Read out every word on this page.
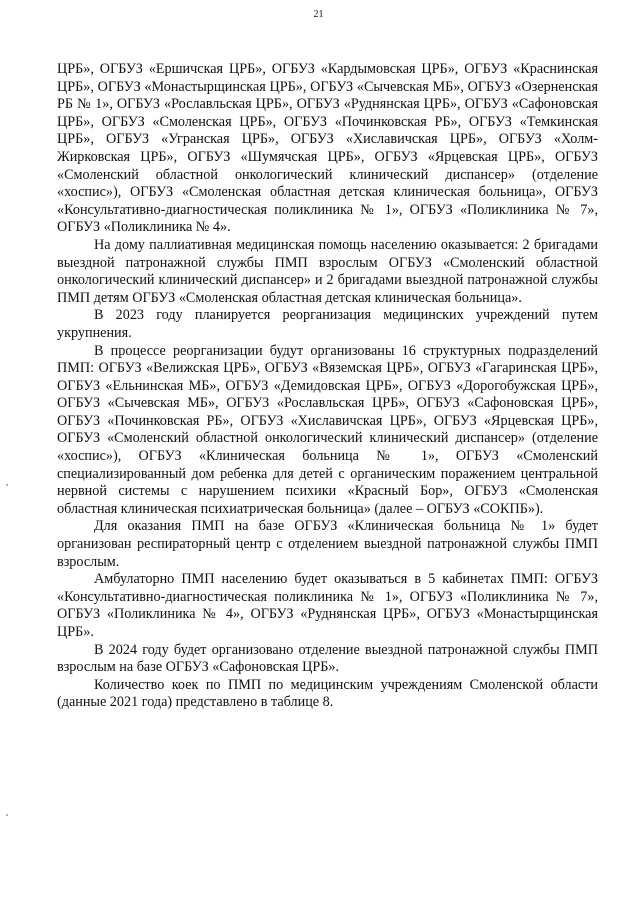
21

ЦРБ», ОГБУЗ «Ершичская ЦРБ», ОГБУЗ «Кардымовская ЦРБ», ОГБУЗ «Краснинская ЦРБ», ОГБУЗ «Монастырщинская ЦРБ», ОГБУЗ «Сычевская МБ», ОГБУЗ «Озерненская РБ № 1», ОГБУЗ «Рославльская ЦРБ», ОГБУЗ «Руднянская ЦРБ», ОГБУЗ «Сафоновская ЦРБ», ОГБУЗ «Смоленская ЦРБ», ОГБУЗ «Починковская РБ», ОГБУЗ «Темкинская ЦРБ», ОГБУЗ «Угранская ЦРБ», ОГБУЗ «Хиславичская ЦРБ», ОГБУЗ «Холм-Жирковская ЦРБ», ОГБУЗ «Шумячская ЦРБ», ОГБУЗ «Ярцевская ЦРБ», ОГБУЗ «Смоленский областной онкологический клинический диспансер» (отделение «хоспис»), ОГБУЗ «Смоленская областная детская клиническая больница», ОГБУЗ «Консультативно-диагностическая поликлиника № 1», ОГБУЗ «Поликлиника № 7», ОГБУЗ «Поликлиника № 4».

На дому паллиативная медицинская помощь населению оказывается: 2 бригадами выездной патронажной службы ПМП взрослым ОГБУЗ «Смоленский областной онкологический клинический диспансер» и 2 бригадами выездной патронажной службы ПМП детям ОГБУЗ «Смоленская областная детская клиническая больница».

В 2023 году планируется реорганизация медицинских учреждений путем укрупнения.

В процессе реорганизации будут организованы 16 структурных подразделений ПМП: ОГБУЗ «Велижская ЦРБ», ОГБУЗ «Вяземская ЦРБ», ОГБУЗ «Гагаринская ЦРБ», ОГБУЗ «Ельнинская МБ», ОГБУЗ «Демидовская ЦРБ», ОГБУЗ «Дорогобужская ЦРБ», ОГБУЗ «Сычевская МБ», ОГБУЗ «Рославльская ЦРБ», ОГБУЗ «Сафоновская ЦРБ», ОГБУЗ «Починковская РБ», ОГБУЗ «Хиславичская ЦРБ», ОГБУЗ «Ярцевская ЦРБ», ОГБУЗ «Смоленский областной онкологический клинический диспансер» (отделение «хоспис»), ОГБУЗ «Клиническая больница № 1», ОГБУЗ «Смоленский специализированный дом ребенка для детей с органическим поражением центральной нервной системы с нарушением психики «Красный Бор», ОГБУЗ «Смоленская областная клиническая психиатрическая больница» (далее – ОГБУЗ «СОКПБ»).

Для оказания ПМП на базе ОГБУЗ «Клиническая больница № 1» будет организован респираторный центр с отделением выездной патронажной службы ПМП взрослым.

Амбулаторно ПМП населению будет оказываться в 5 кабинетах ПМП: ОГБУЗ «Консультативно-диагностическая поликлиника № 1», ОГБУЗ «Поликлиника № 7», ОГБУЗ «Поликлиника № 4», ОГБУЗ «Руднянская ЦРБ», ОГБУЗ «Монастырщинская ЦРБ».

В 2024 году будет организовано отделение выездной патронажной службы ПМП взрослым на базе ОГБУЗ «Сафоновская ЦРБ».

Количество коек по ПМП по медицинским учреждениям Смоленской области (данные 2021 года) представлено в таблице 8.
